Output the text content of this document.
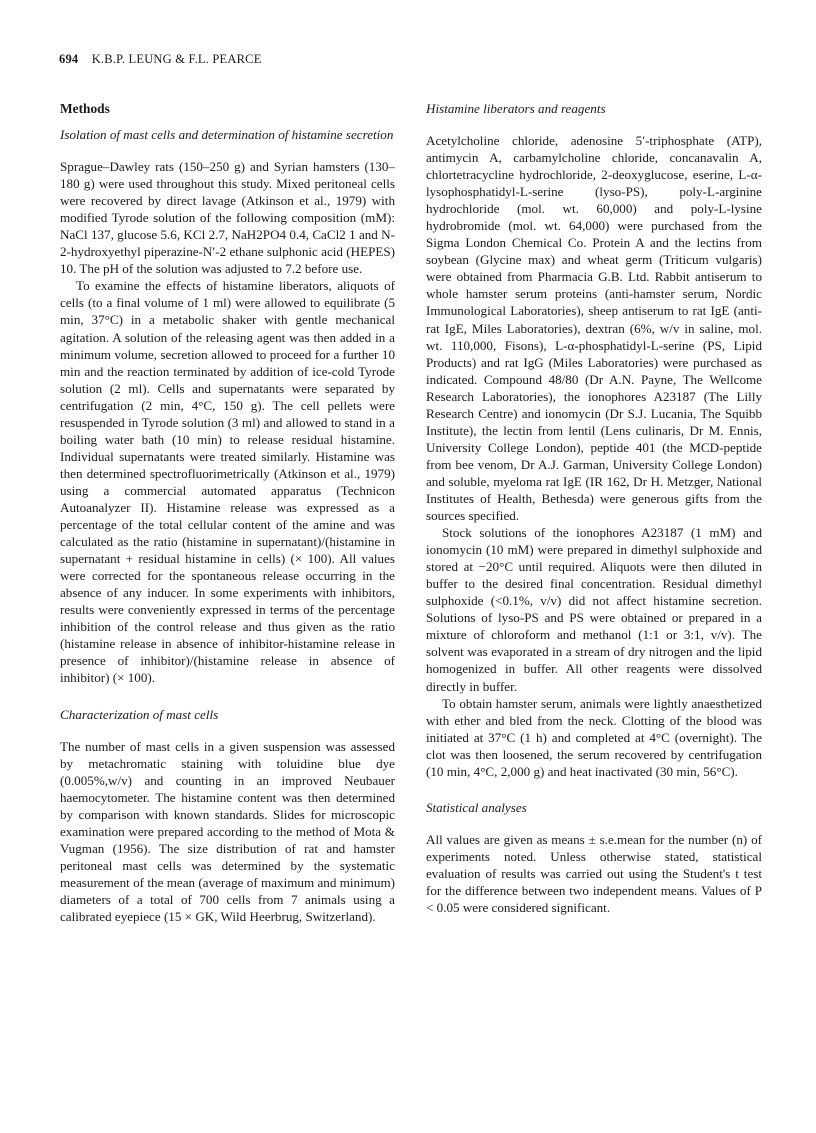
694 K.B.P. LEUNG & F.L. PEARCE
Methods
Isolation of mast cells and determination of histamine secretion

Sprague–Dawley rats (150–250 g) and Syrian hamsters (130–180 g) were used throughout this study. Mixed peritoneal cells were recovered by direct lavage (Atkinson et al., 1979) with modified Tyrode solution of the following composition (mM): NaCl 137, glucose 5.6, KCl 2.7, NaH2PO4 0.4, CaCl2 1 and N-2-hydroxyethyl piperazine-N′-2 ethane sulphonic acid (HEPES) 10. The pH of the solution was adjusted to 7.2 before use.

To examine the effects of histamine liberators, aliquots of cells (to a final volume of 1 ml) were allowed to equilibrate (5 min, 37°C) in a metabolic shaker with gentle mechanical agitation. A solution of the releasing agent was then added in a minimum volume, secretion allowed to proceed for a further 10 min and the reaction terminated by addition of ice-cold Tyrode solution (2 ml). Cells and supernatants were separated by centrifugation (2 min, 4°C, 150 g). The cell pellets were resuspended in Tyrode solution (3 ml) and allowed to stand in a boiling water bath (10 min) to release residual histamine. Individual supernatants were treated similarly. Histamine was then determined spectrofluorimetrically (Atkinson et al., 1979) using a commercial automated apparatus (Technicon Autoanalyzer II). Histamine release was expressed as a percentage of the total cellular content of the amine and was calculated as the ratio (histamine in supernatant)/(histamine in supernatant + residual histamine in cells) (× 100). All values were corrected for the spontaneous release occurring in the absence of any inducer. In some experiments with inhibitors, results were conveniently expressed in terms of the percentage inhibition of the control release and thus given as the ratio (histamine release in absence of inhibitor-histamine release in presence of inhibitor)/(histamine release in absence of inhibitor) (× 100).

Characterization of mast cells

The number of mast cells in a given suspension was assessed by metachromatic staining with toluidine blue dye (0.005%,w/v) and counting in an improved Neubauer haemocytometer. The histamine content was then determined by comparison with known standards. Slides for microscopic examination were prepared according to the method of Mota & Vugman (1956). The size distribution of rat and hamster peritoneal mast cells was determined by the systematic measurement of the mean (average of maximum and minimum) diameters of a total of 700 cells from 7 animals using a calibrated eyepiece (15 × GK, Wild Heerbrug, Switzerland).

Histamine liberators and reagents

Acetylcholine chloride, adenosine 5′-triphosphate (ATP), antimycin A, carbamylcholine chloride, concanavalin A, chlortetracycline hydrochloride, 2-deoxyglucose, eserine, L-α-lysophosphatidyl-L-serine (lyso-PS), poly-L-arginine hydrochloride (mol. wt. 60,000) and poly-L-lysine hydrobromide (mol. wt. 64,000) were purchased from the Sigma London Chemical Co. Protein A and the lectins from soybean (Glycine max) and wheat germ (Triticum vulgaris) were obtained from Pharmacia G.B. Ltd. Rabbit antiserum to whole hamster serum proteins (anti-hamster serum, Nordic Immunological Laboratories), sheep antiserum to rat IgE (anti-rat IgE, Miles Laboratories), dextran (6%, w/v in saline, mol. wt. 110,000, Fisons), L-α-phosphatidyl-L-serine (PS, Lipid Products) and rat IgG (Miles Laboratories) were purchased as indicated. Compound 48/80 (Dr A.N. Payne, The Wellcome Research Laboratories), the ionophores A23187 (The Lilly Research Centre) and ionomycin (Dr S.J. Lucania, The Squibb Institute), the lectin from lentil (Lens culinaris, Dr M. Ennis, University College London), peptide 401 (the MCD-peptide from bee venom, Dr A.J. Garman, University College London) and soluble, myeloma rat IgE (IR 162, Dr H. Metzger, National Institutes of Health, Bethesda) were generous gifts from the sources specified.

Stock solutions of the ionophores A23187 (1 mM) and ionomycin (10 mM) were prepared in dimethyl sulphoxide and stored at −20°C until required. Aliquots were then diluted in buffer to the desired final concentration. Residual dimethyl sulphoxide (<0.1%, v/v) did not affect histamine secretion. Solutions of lyso-PS and PS were obtained or prepared in a mixture of chloroform and methanol (1:1 or 3:1, v/v). The solvent was evaporated in a stream of dry nitrogen and the lipid homogenized in buffer. All other reagents were dissolved directly in buffer.

To obtain hamster serum, animals were lightly anaesthetized with ether and bled from the neck. Clotting of the blood was initiated at 37°C (1 h) and completed at 4°C (overnight). The clot was then loosened, the serum recovered by centrifugation (10 min, 4°C, 2,000 g) and heat inactivated (30 min, 56°C).

Statistical analyses

All values are given as means ± s.e.mean for the number (n) of experiments noted. Unless otherwise stated, statistical evaluation of results was carried out using the Student's t test for the difference between two independent means. Values of P < 0.05 were considered significant.
